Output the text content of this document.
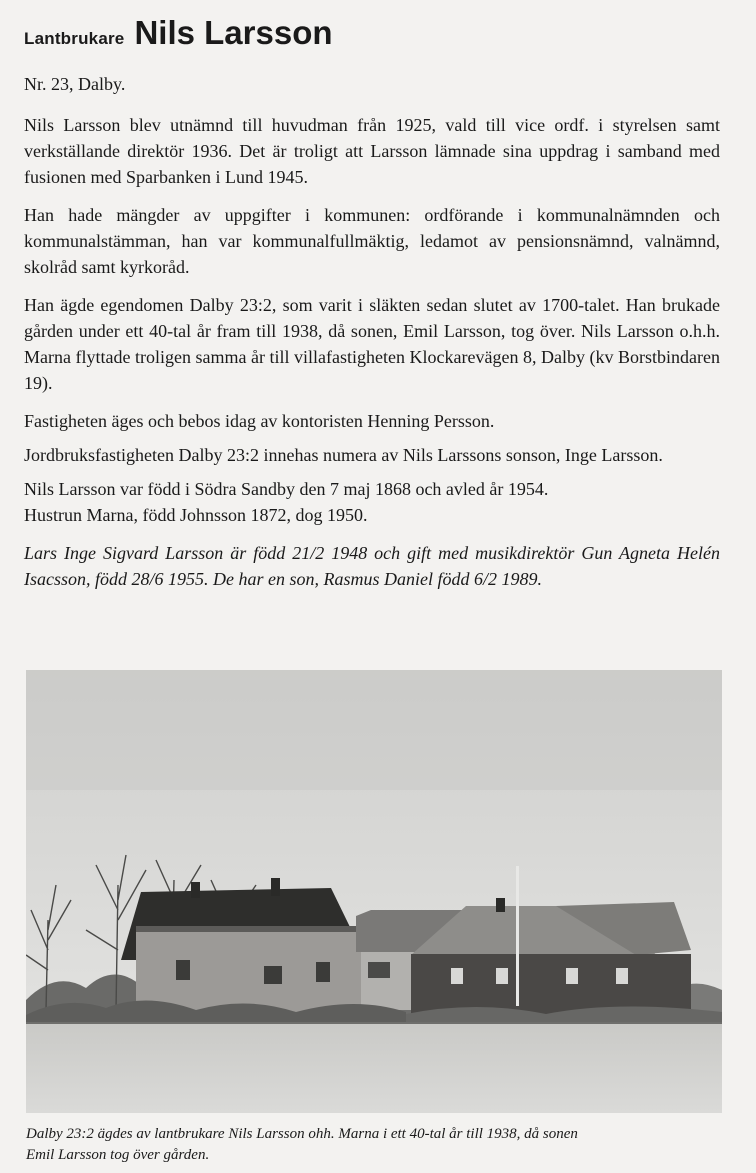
Lantbrukare Nils Larsson
Nr. 23, Dalby.

Nils Larsson blev utnämnd till huvudman från 1925, vald till vice ordf. i styrelsen samt verkställande direktör 1936. Det är troligt att Larsson lämnade sina uppdrag i samband med fusionen med Sparbanken i Lund 1945.

Han hade mängder av uppgifter i kommunen: ordförande i kommunalnämnden och kommunalstämman, han var kommunalfullmäktig, ledamot av pensionsnämnd, valnämnd, skolråd samt kyrkoråd.

Han ägde egendomen Dalby 23:2, som varit i släkten sedan slutet av 1700-talet. Han brukade gården under ett 40-tal år fram till 1938, då sonen, Emil Larsson, tog över. Nils Larsson o.h.h. Marna flyttade troligen samma år till villafastigheten Klockarevägen 8, Dalby (kv Borstbindaren 19).

Fastigheten äges och bebos idag av kontoristen Henning Persson.

Jordbruksfastigheten Dalby 23:2 innehas numera av Nils Larssons sonson, Inge Larsson.

Nils Larsson var född i Södra Sandby den 7 maj 1868 och avled år 1954.

Hustrun Marna, född Johnsson 1872, dog 1950.

Lars Inge Sigvard Larsson är född 21/2 1948 och gift med musikdirektör Gun Agneta Helén Isacsson, född 28/6 1955. De har en son, Rasmus Daniel född 6/2 1989.

Dalby 23:2 ägdes av lantbrukare Nils Larsson ohh. Marna i ett 40-tal år till 1938, då sonen
Emil Larsson tog över gården.
